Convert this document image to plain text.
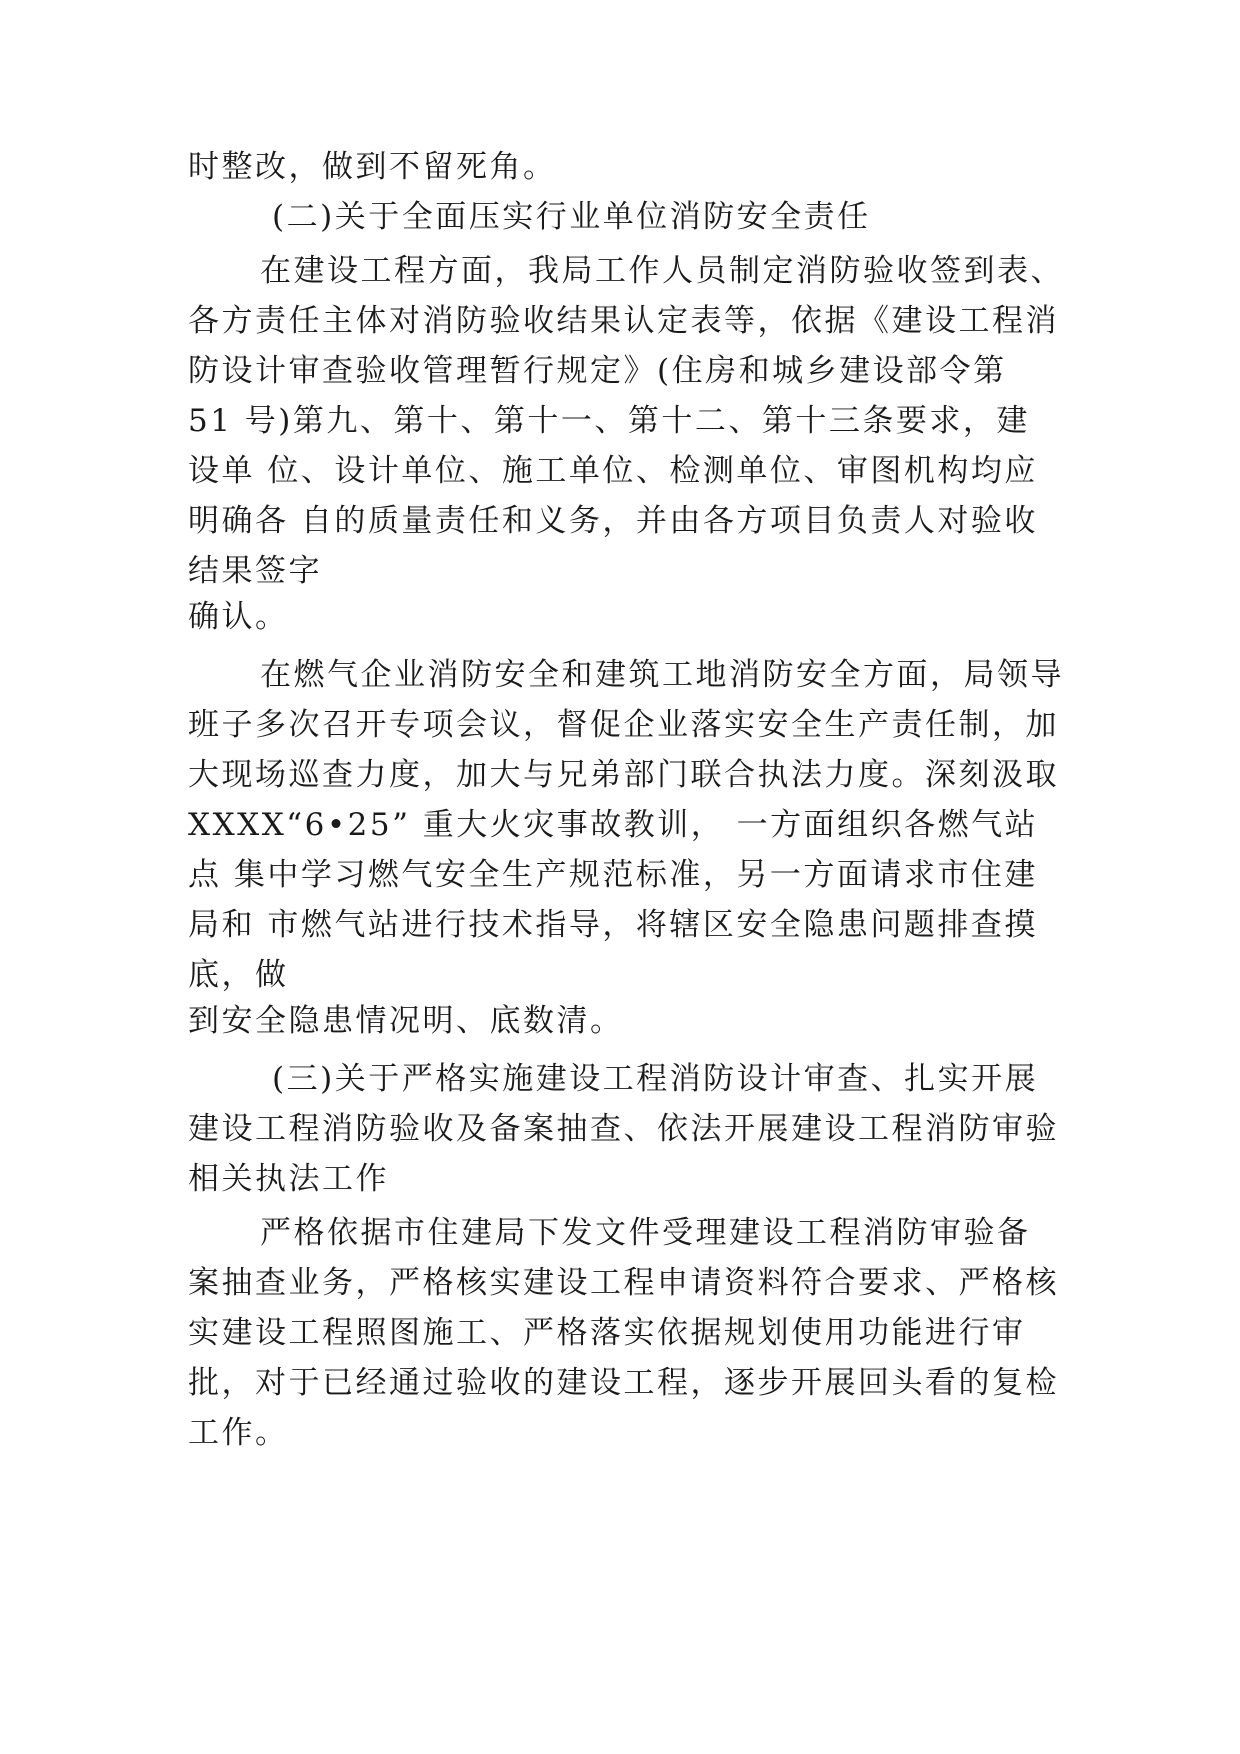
时整改，做到不留死角。

(二)关于全面压实行业单位消防安全责任

在建设工程方面，我局工作人员制定消防验收签到表、

各方责任主体对消防验收结果认定表等，依据《建设工程消

防设计审查验收管理暂行规定》(住房和城乡建设部令第

51 号)第九、第十、第十一、第十二、第十三条要求，建

设单 位、设计单位、施工单位、检测单位、审图机构均应

明确各 自的质量责任和义务，并由各方项目负责人对验收

结果签字

确认。

在燃气企业消防安全和建筑工地消防安全方面，局领导

班子多次召开专项会议，督促企业落实安全生产责任制，加

大现场巡查力度，加大与兄弟部门联合执法力度。深刻汲取

XXXX“6•25” 重大火灾事故教训， 一方面组织各燃气站

点 集中学习燃气安全生产规范标准，另一方面请求市住建

局和 市燃气站进行技术指导，将辖区安全隐患问题排查摸

底，做

到安全隐患情况明、底数清。

(三)关于严格实施建设工程消防设计审查、扎实开展

建设工程消防验收及备案抽查、依法开展建设工程消防审验

相关执法工作

严格依据市住建局下发文件受理建设工程消防审验备

案抽查业务，严格核实建设工程申请资料符合要求、严格核

实建设工程照图施工、严格落实依据规划使用功能进行审

批，对于已经通过验收的建设工程，逐步开展回头看的复检

工作。
